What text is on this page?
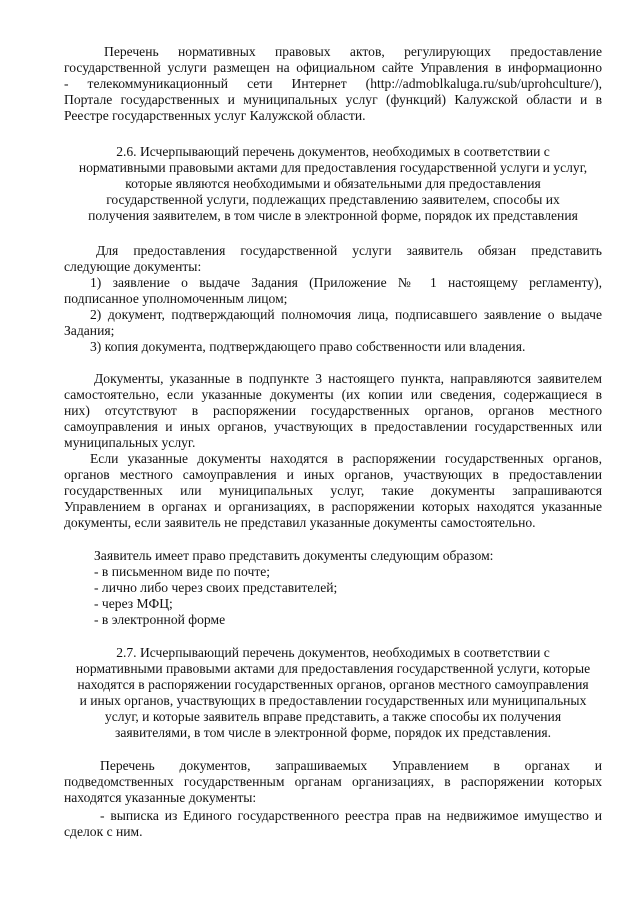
Перечень нормативных правовых актов, регулирующих предоставление
государственной услуги размещен на официальном сайте Управления в информационно
- телекоммуникационный сети Интернет (http://admoblkaluga.ru/sub/uprohculture/),
Портале государственных и муниципальных услуг (функций) Калужской области и в
Реестре государственных услуг Калужской области.
2.6. Исчерпывающий перечень документов, необходимых в соответствии с
нормативными правовыми актами для предоставления государственной услуги и услуг,
которые являются необходимыми и обязательными для предоставления
государственной услуги, подлежащих представлению заявителем, способы их
получения заявителем, в том числе в электронной форме, порядок их представления
Для предоставления государственной услуги заявитель обязан представить
следующие документы:
1) заявление о выдаче Задания (Приложение № 1 настоящему регламенту),
подписанное уполномоченным лицом;
2) документ, подтверждающий полномочия лица, подписавшего заявление о выдаче
Задания;
3) копия документа, подтверждающего право собственности или владения.
Документы, указанные в подпункте 3 настоящего пункта, направляются заявителем
самостоятельно, если указанные документы (их копии или сведения, содержащиеся в
них) отсутствуют в распоряжении государственных органов, органов местного
самоуправления и иных органов, участвующих в предоставлении государственных или
муниципальных услуг.
Если указанные документы находятся в распоряжении государственных органов,
органов местного самоуправления и иных органов, участвующих в предоставлении
государственных или муниципальных услуг, такие документы запрашиваются
Управлением в органах и организациях, в распоряжении которых находятся указанные
документы, если заявитель не представил указанные документы самостоятельно.
Заявитель имеет право представить документы следующим образом:
- в письменном виде по почте;
- лично либо через своих представителей;
- через МФЦ;
- в электронной форме
2.7. Исчерпывающий перечень документов, необходимых в соответствии с
нормативными правовыми актами для предоставления государственной услуги, которые
находятся в распоряжении государственных органов, органов местного самоуправления
и иных органов, участвующих в предоставлении государственных или муниципальных
услуг, и которые заявитель вправе представить, а также способы их получения
заявителями, в том числе в электронной форме, порядок их представления.
Перечень документов, запрашиваемых Управлением в органах и
подведомственных государственным органам организациях, в распоряжении которых
находятся указанные документы:
- выписка из Единого государственного реестра прав на недвижимое имущество и
сделок с ним.
